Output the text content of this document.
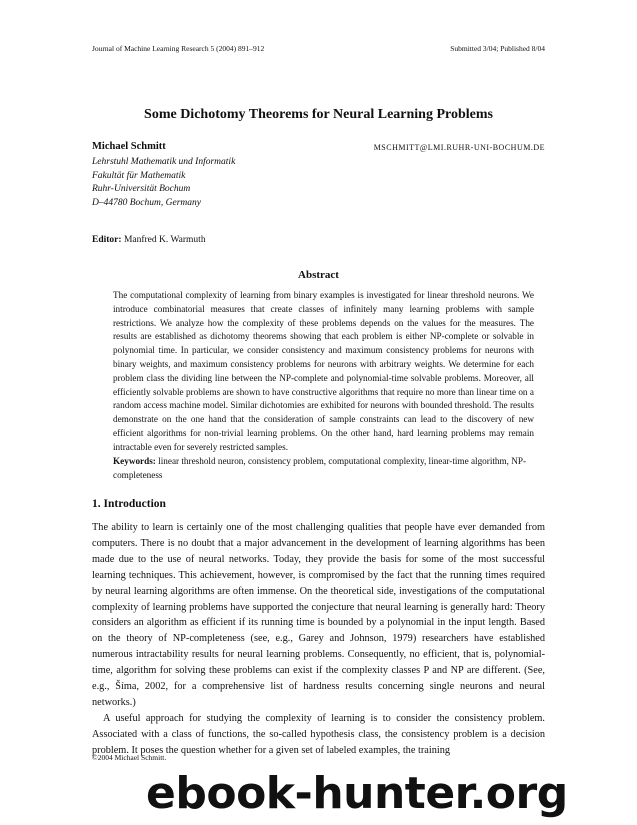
Journal of Machine Learning Research 5 (2004) 891–912	Submitted 3/04; Published 8/04
Some Dichotomy Theorems for Neural Learning Problems
Michael Schmitt	MSCHMITT@LMI.RUHR-UNI-BOCHUM.DE
Lehrstuhl Mathematik und Informatik
Fakultät für Mathematik
Ruhr-Universität Bochum
D–44780 Bochum, Germany
Editor: Manfred K. Warmuth
Abstract
The computational complexity of learning from binary examples is investigated for linear threshold neurons. We introduce combinatorial measures that create classes of infinitely many learning problems with sample restrictions. We analyze how the complexity of these problems depends on the values for the measures. The results are established as dichotomy theorems showing that each problem is either NP-complete or solvable in polynomial time. In particular, we consider consistency and maximum consistency problems for neurons with binary weights, and maximum consistency problems for neurons with arbitrary weights. We determine for each problem class the dividing line between the NP-complete and polynomial-time solvable problems. Moreover, all efficiently solvable problems are shown to have constructive algorithms that require no more than linear time on a random access machine model. Similar dichotomies are exhibited for neurons with bounded threshold. The results demonstrate on the one hand that the consideration of sample constraints can lead to the discovery of new efficient algorithms for non-trivial learning problems. On the other hand, hard learning problems may remain intractable even for severely restricted samples.
Keywords: linear threshold neuron, consistency problem, computational complexity, linear-time algorithm, NP-completeness
1. Introduction

The ability to learn is certainly one of the most challenging qualities that people have ever demanded from computers. There is no doubt that a major advancement in the development of learning algorithms has been made due to the use of neural networks. Today, they provide the basis for some of the most successful learning techniques. This achievement, however, is compromised by the fact that the running times required by neural learning algorithms are often immense. On the theoretical side, investigations of the computational complexity of learning problems have supported the conjecture that neural learning is generally hard: Theory considers an algorithm as efficient if its running time is bounded by a polynomial in the input length. Based on the theory of NP-completeness (see, e.g., Garey and Johnson, 1979) researchers have established numerous intractability results for neural learning problems. Consequently, no efficient, that is, polynomial-time, algorithm for solving these problems can exist if the complexity classes P and NP are different. (See, e.g., Šíma, 2002, for a comprehensive list of hardness results concerning single neurons and neural networks.)

A useful approach for studying the complexity of learning is to consider the consistency problem. Associated with a class of functions, the so-called hypothesis class, the consistency problem is a decision problem. It poses the question whether for a given set of labeled examples, the training

©2004 Michael Schmitt.
ebook-hunter.org
